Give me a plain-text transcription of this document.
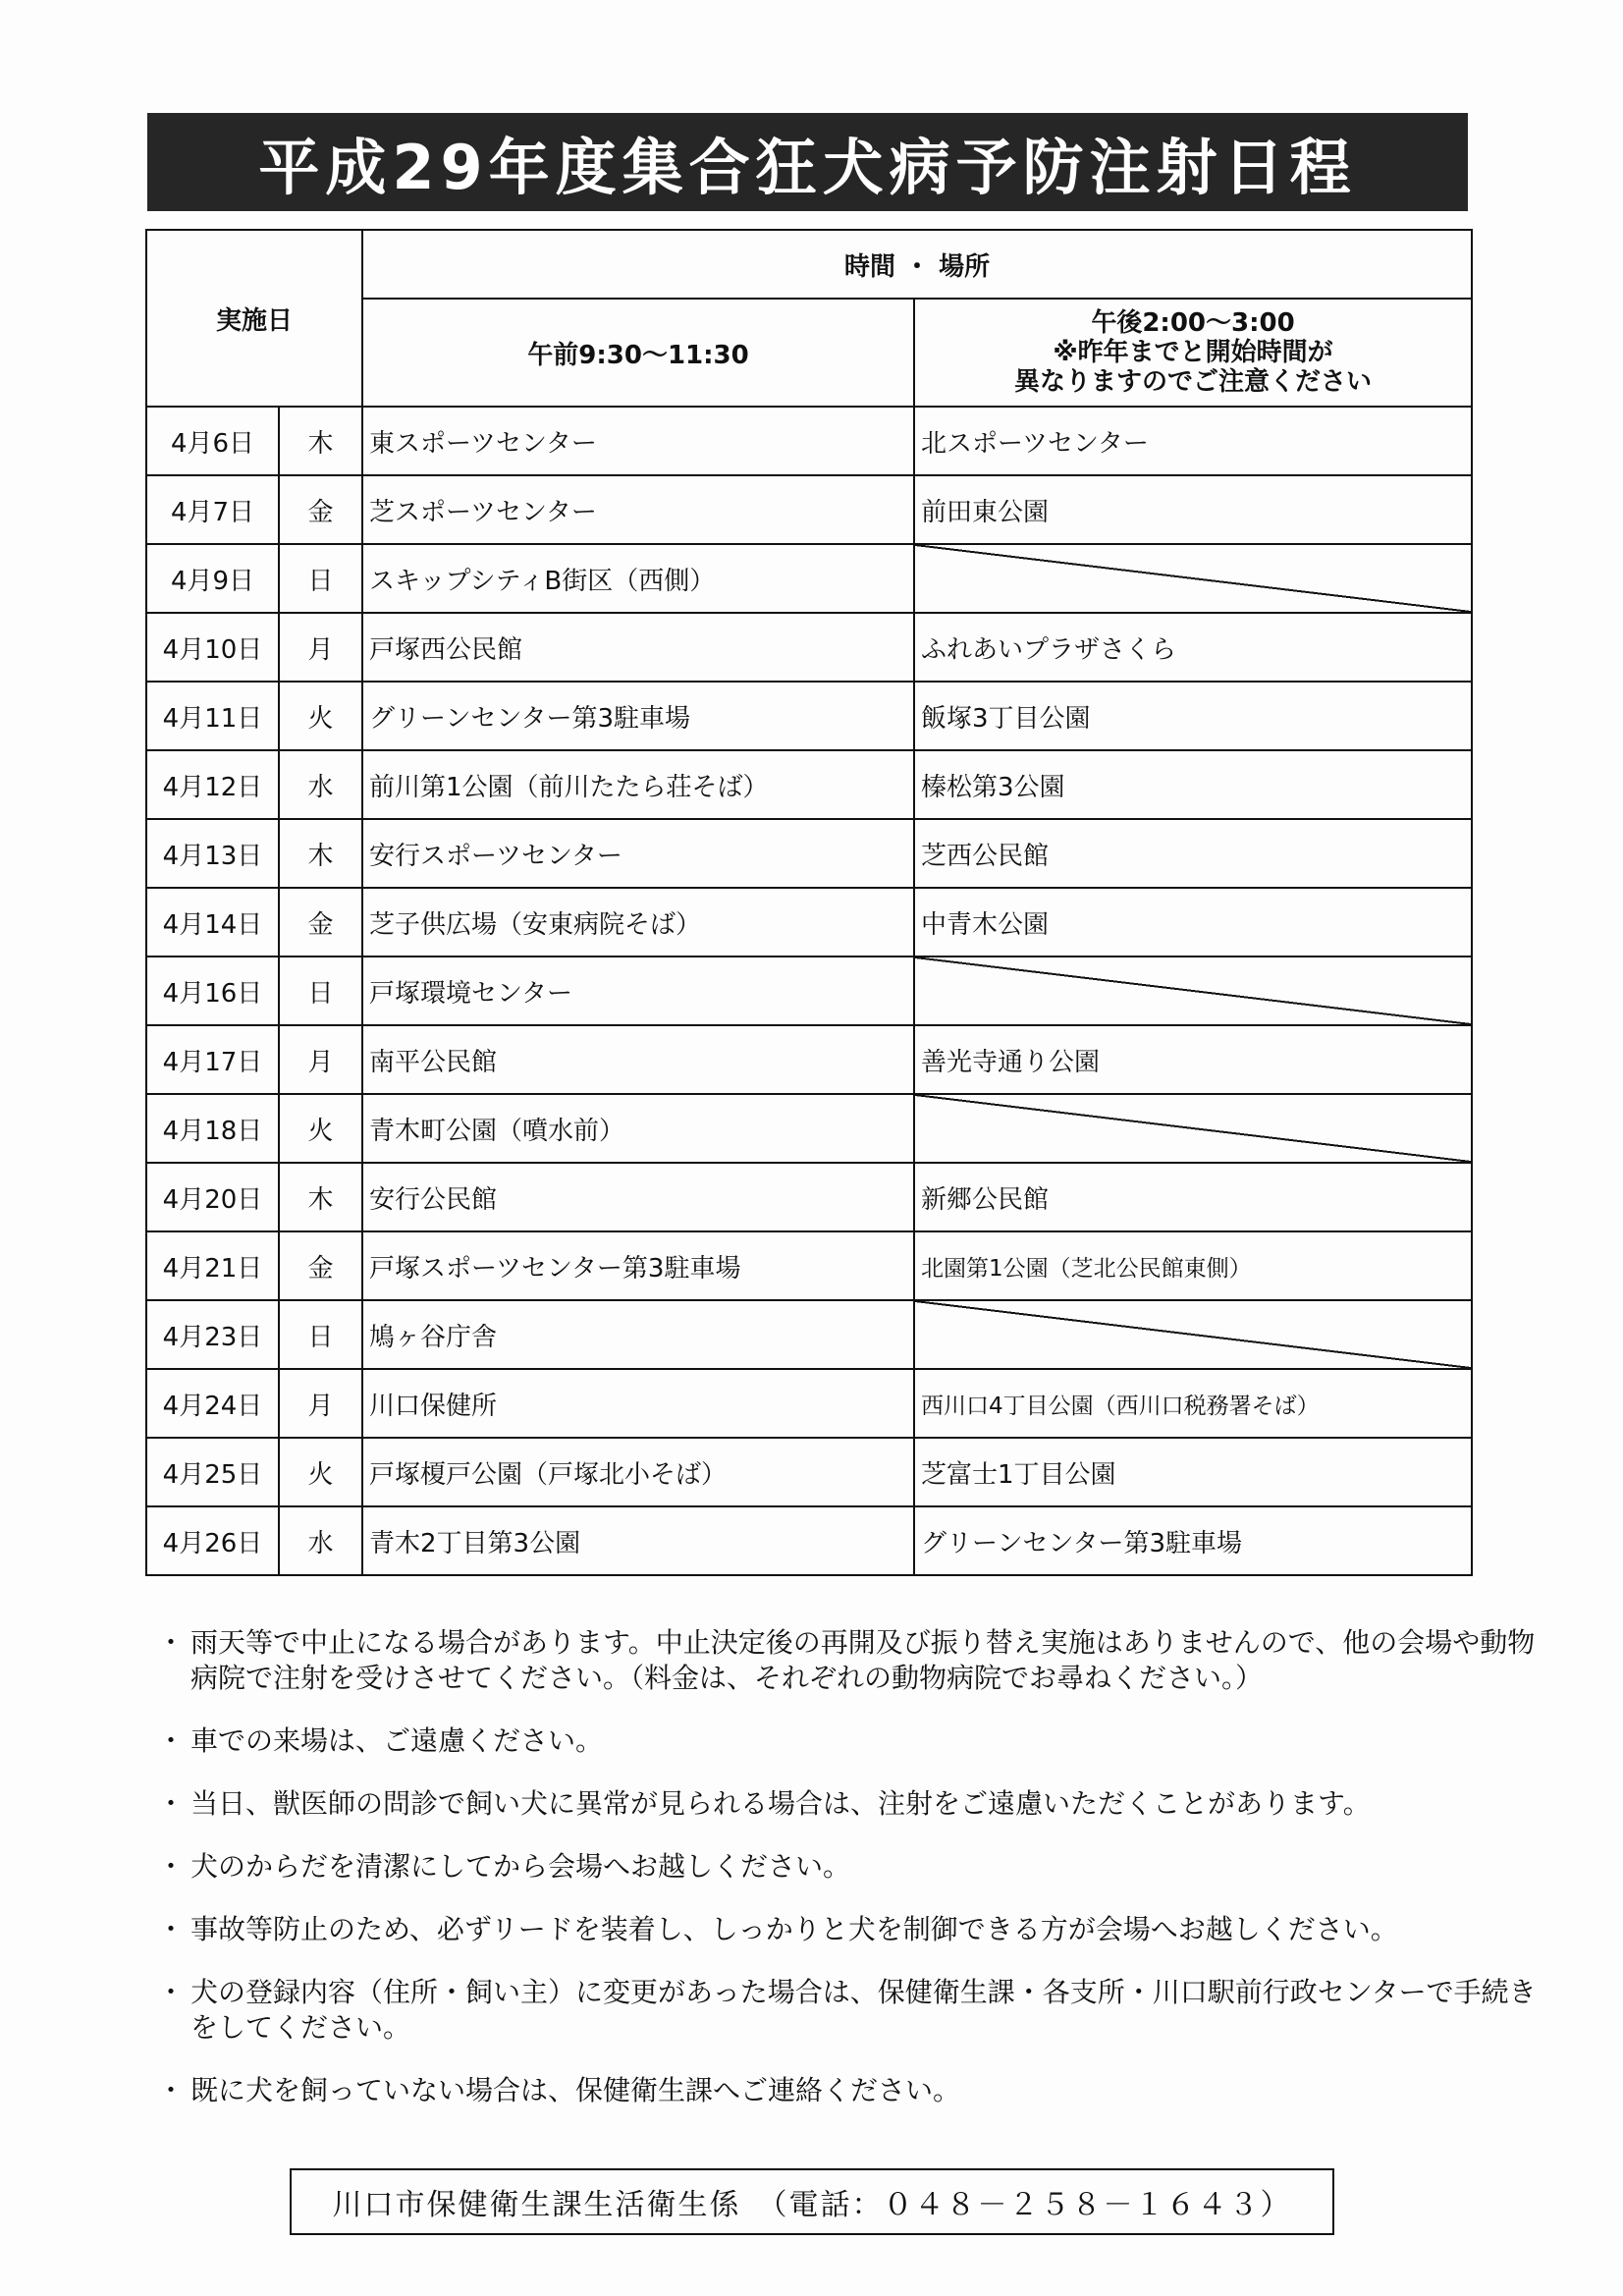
平成29年度集合狂犬病予防注射日程
実施日		時間 ・ 場所	
		午前9:30～11:30	午後2:00～3:00
※昨年までと開始時間が
異なりますのでご注意ください

4月6日	木	東スポーツセンター	北スポーツセンター
4月7日	金	芝スポーツセンター	前田東公園
4月9日	日	スキップシティB街区（西側）	
4月10日	月	戸塚西公民館	ふれあいプラザさくら
4月11日	火	グリーンセンター第3駐車場	飯塚3丁目公園
4月12日	水	前川第1公園（前川たたら荘そば）	榛松第3公園
4月13日	木	安行スポーツセンター	芝西公民館
4月14日	金	芝子供広場（安東病院そば）	中青木公園
4月16日	日	戸塚環境センター	
4月17日	月	南平公民館	善光寺通り公園
4月18日	火	青木町公園（噴水前）	
4月20日	木	安行公民館	新郷公民館
4月21日	金	戸塚スポーツセンター第3駐車場	北園第1公園（芝北公民館東側）
4月23日	日	鳩ヶ谷庁舎	
4月24日	月	川口保健所	西川口4丁目公園（西川口税務署そば）
4月25日	火	戸塚榎戸公園（戸塚北小そば）	芝富士1丁目公園
4月26日	水	青木2丁目第3公園	グリーンセンター第3駐車場
・ 雨天等で中止になる場合があります。中止決定後の再開及び振り替え実施はありませんので、他の会場や動物病院で注射を受けさせてください。（料金は、それぞれの動物病院でお尋ねください。）
・ 車での来場は、ご遠慮ください。
・ 当日、獣医師の問診で飼い犬に異常が見られる場合は、注射をご遠慮いただくことがあります。
・ 犬のからだを清潔にしてから会場へお越しください。
・ 事故等防止のため、必ずリードを装着し、しっかりと犬を制御できる方が会場へお越しください。
・ 犬の登録内容（住所・飼い主）に変更があった場合は、保健衛生課・各支所・川口駅前行政センターで手続きをしてください。
・ 既に犬を飼っていない場合は、保健衛生課へご連絡ください。
川口市保健衛生課生活衛生係　（電話：０４８－２５８－１６４３）
